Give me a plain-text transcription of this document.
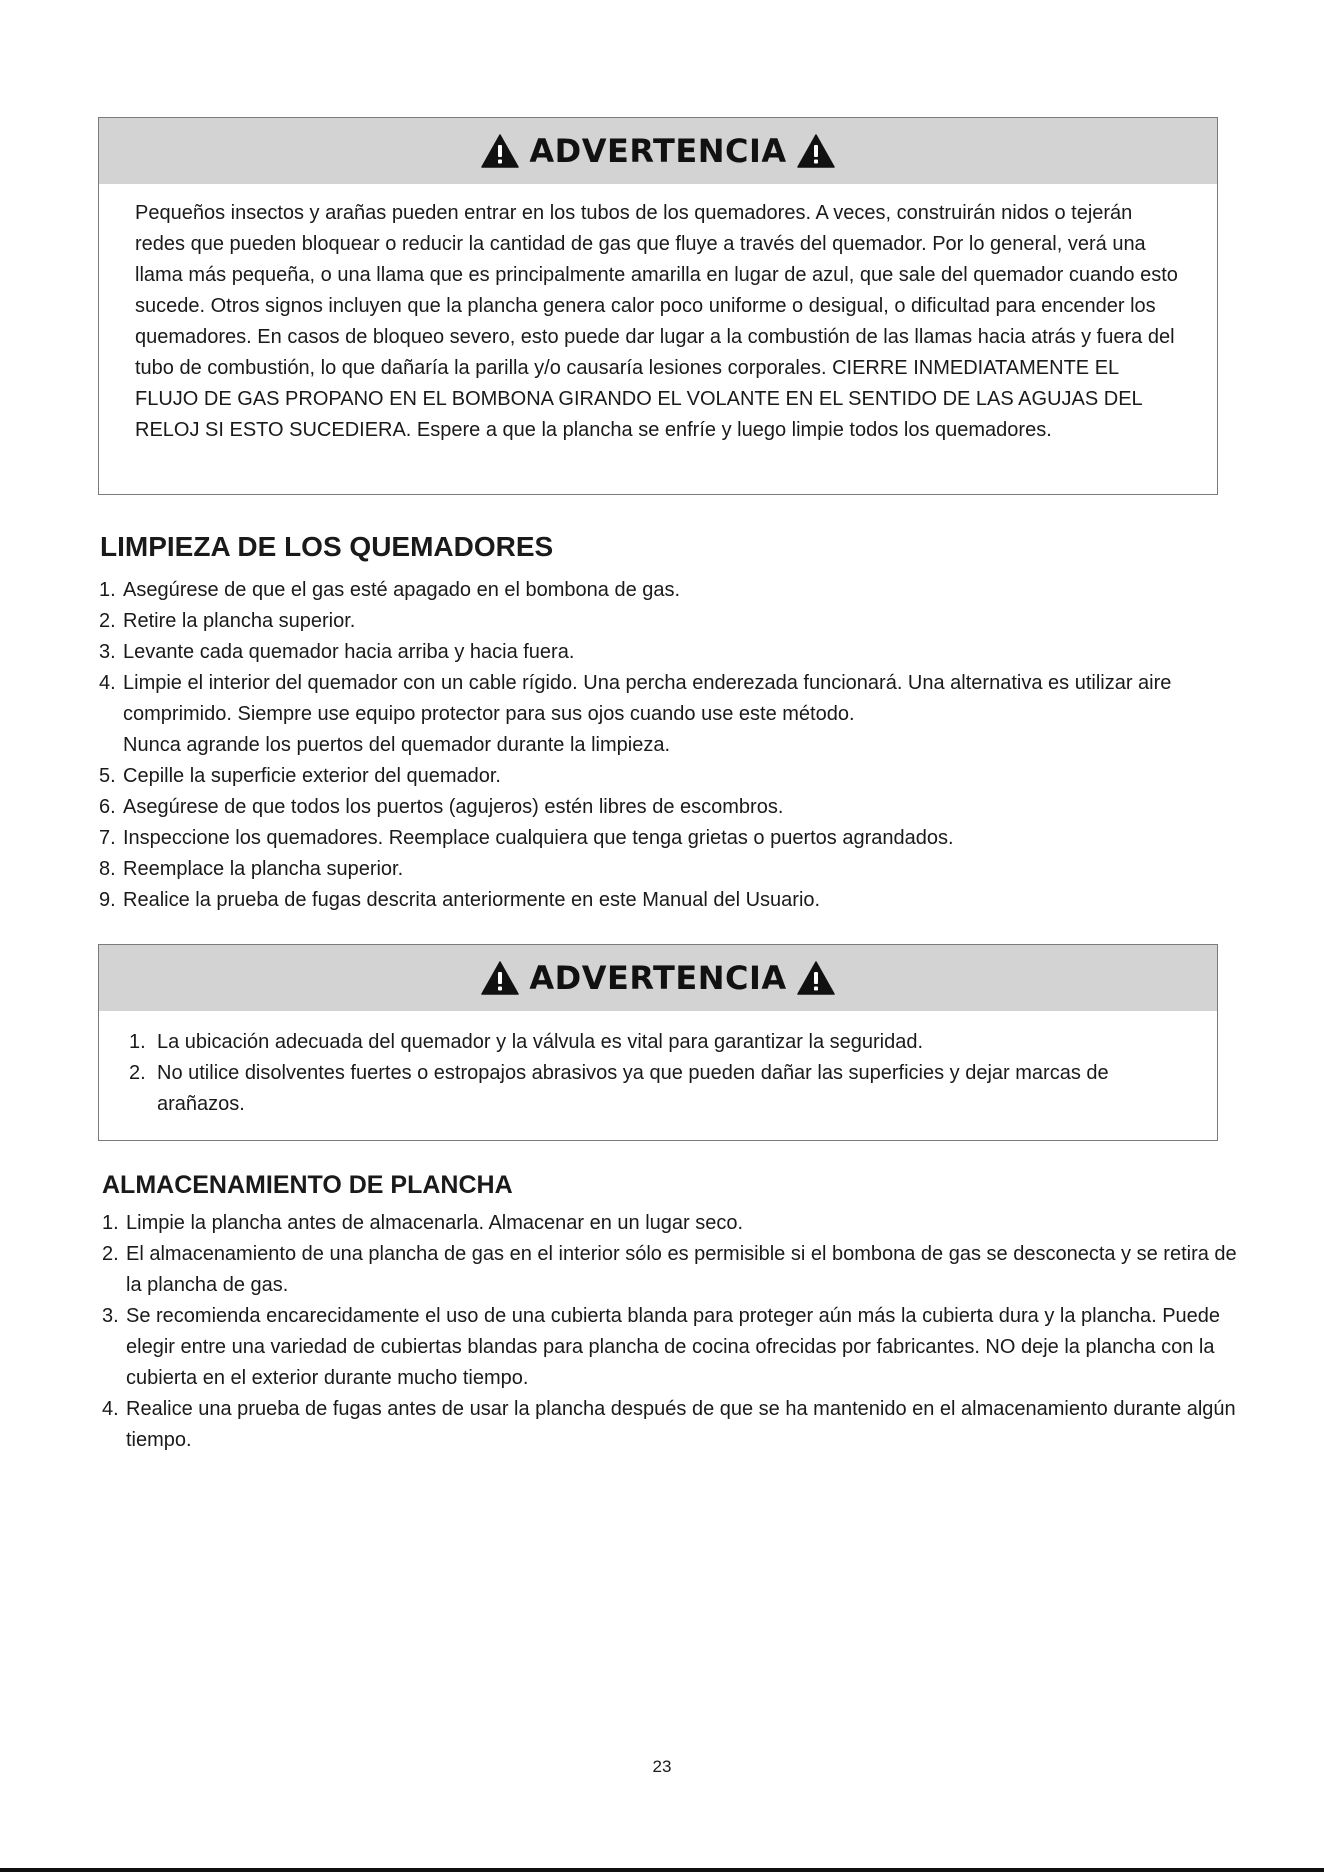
ADVERTENCIA
Pequeños insectos y arañas pueden entrar en los tubos de los quemadores. A veces, construirán nidos o tejerán redes que pueden bloquear o reducir la cantidad de gas que fluye a través del quemador. Por lo general, verá una llama más pequeña, o una llama que es principalmente amarilla en lugar de azul, que sale del quemador cuando esto sucede. Otros signos incluyen que la plancha genera calor poco uniforme o desigual, o dificultad para encender los quemadores. En casos de bloqueo severo, esto puede dar lugar a la combustión de las llamas hacia atrás y fuera del tubo de combustión, lo que dañaría la parilla y/o causaría lesiones corporales. CIERRE INMEDIATAMENTE EL FLUJO DE GAS PROPANO EN EL BOMBONA GIRANDO EL VOLANTE EN EL SENTIDO DE LAS AGUJAS DEL RELOJ SI ESTO SUCEDIERA. Espere a que la plancha se enfríe y luego limpie todos los quemadores.
LIMPIEZA DE LOS QUEMADORES
1. Asegúrese de que el gas esté apagado en el bombona de gas.
2. Retire la plancha superior.
3. Levante cada quemador hacia arriba y hacia fuera.
4. Limpie el interior del quemador con un cable rígido. Una percha enderezada funcionará. Una alternativa es utilizar aire comprimido. Siempre use equipo protector para sus ojos cuando use este método.
Nunca agrande los puertos del quemador durante la limpieza.
5. Cepille la superficie exterior del quemador.
6. Asegúrese de que todos los puertos (agujeros) estén libres de escombros.
7. Inspeccione los quemadores. Reemplace cualquiera que tenga grietas o puertos agrandados.
8. Reemplace la plancha superior.
9. Realice la prueba de fugas descrita anteriormente en este Manual del Usuario.
ADVERTENCIA
1. La ubicación adecuada del quemador y la válvula es vital para garantizar la seguridad.
2. No utilice disolventes fuertes o estropajos abrasivos ya que pueden dañar las superficies y dejar marcas de arañazos.
ALMACENAMIENTO DE PLANCHA
1. Limpie la plancha antes de almacenarla. Almacenar en un lugar seco.
2. El almacenamiento de una plancha de gas en el interior sólo es permisible si el bombona de gas se desconecta y se retira de la plancha de gas.
3. Se recomienda encarecidamente el uso de una cubierta blanda para proteger aún más la cubierta dura y la plancha. Puede elegir entre una variedad de cubiertas blandas para plancha de cocina ofrecidas por fabricantes. NO deje la plancha con la cubierta en el exterior durante mucho tiempo.
4. Realice una prueba de fugas antes de usar la plancha después de que se ha mantenido en el almacenamiento durante algún tiempo.
23
